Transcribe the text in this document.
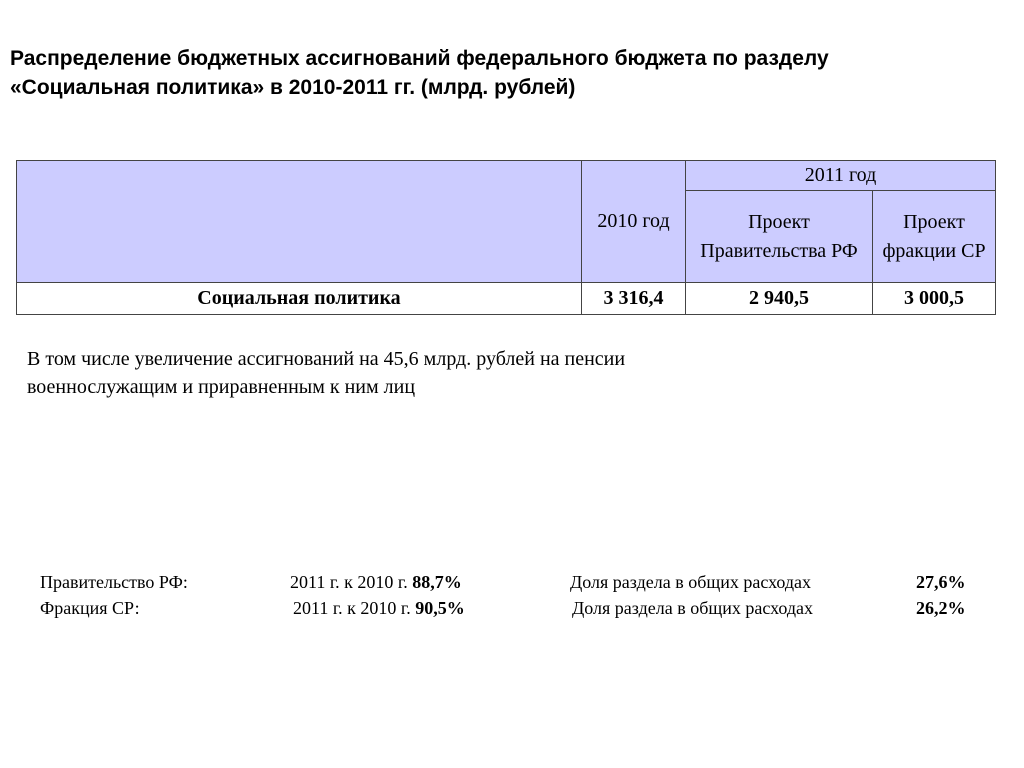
Распределение бюджетных ассигнований федерального бюджета по разделу
«Социальная политика» в 2010-2011 гг. (млрд. рублей)
	2010 год	2011 год	
		Проект Правительства РФ	Проект фракции СР
Социальная политика	3 316,4	2 940,5	3 000,5
В том числе увеличение ассигнований на 45,6 млрд. рублей на пенсии
военнослужащим и приравненным к ним лиц
Правительство РФ:	2011 г. к 2010 г. 88,7%	Доля раздела в общих расходах	27,6%
Фракция СР:	2011 г. к 2010 г. 90,5%	Доля раздела в общих расходах	26,2%
